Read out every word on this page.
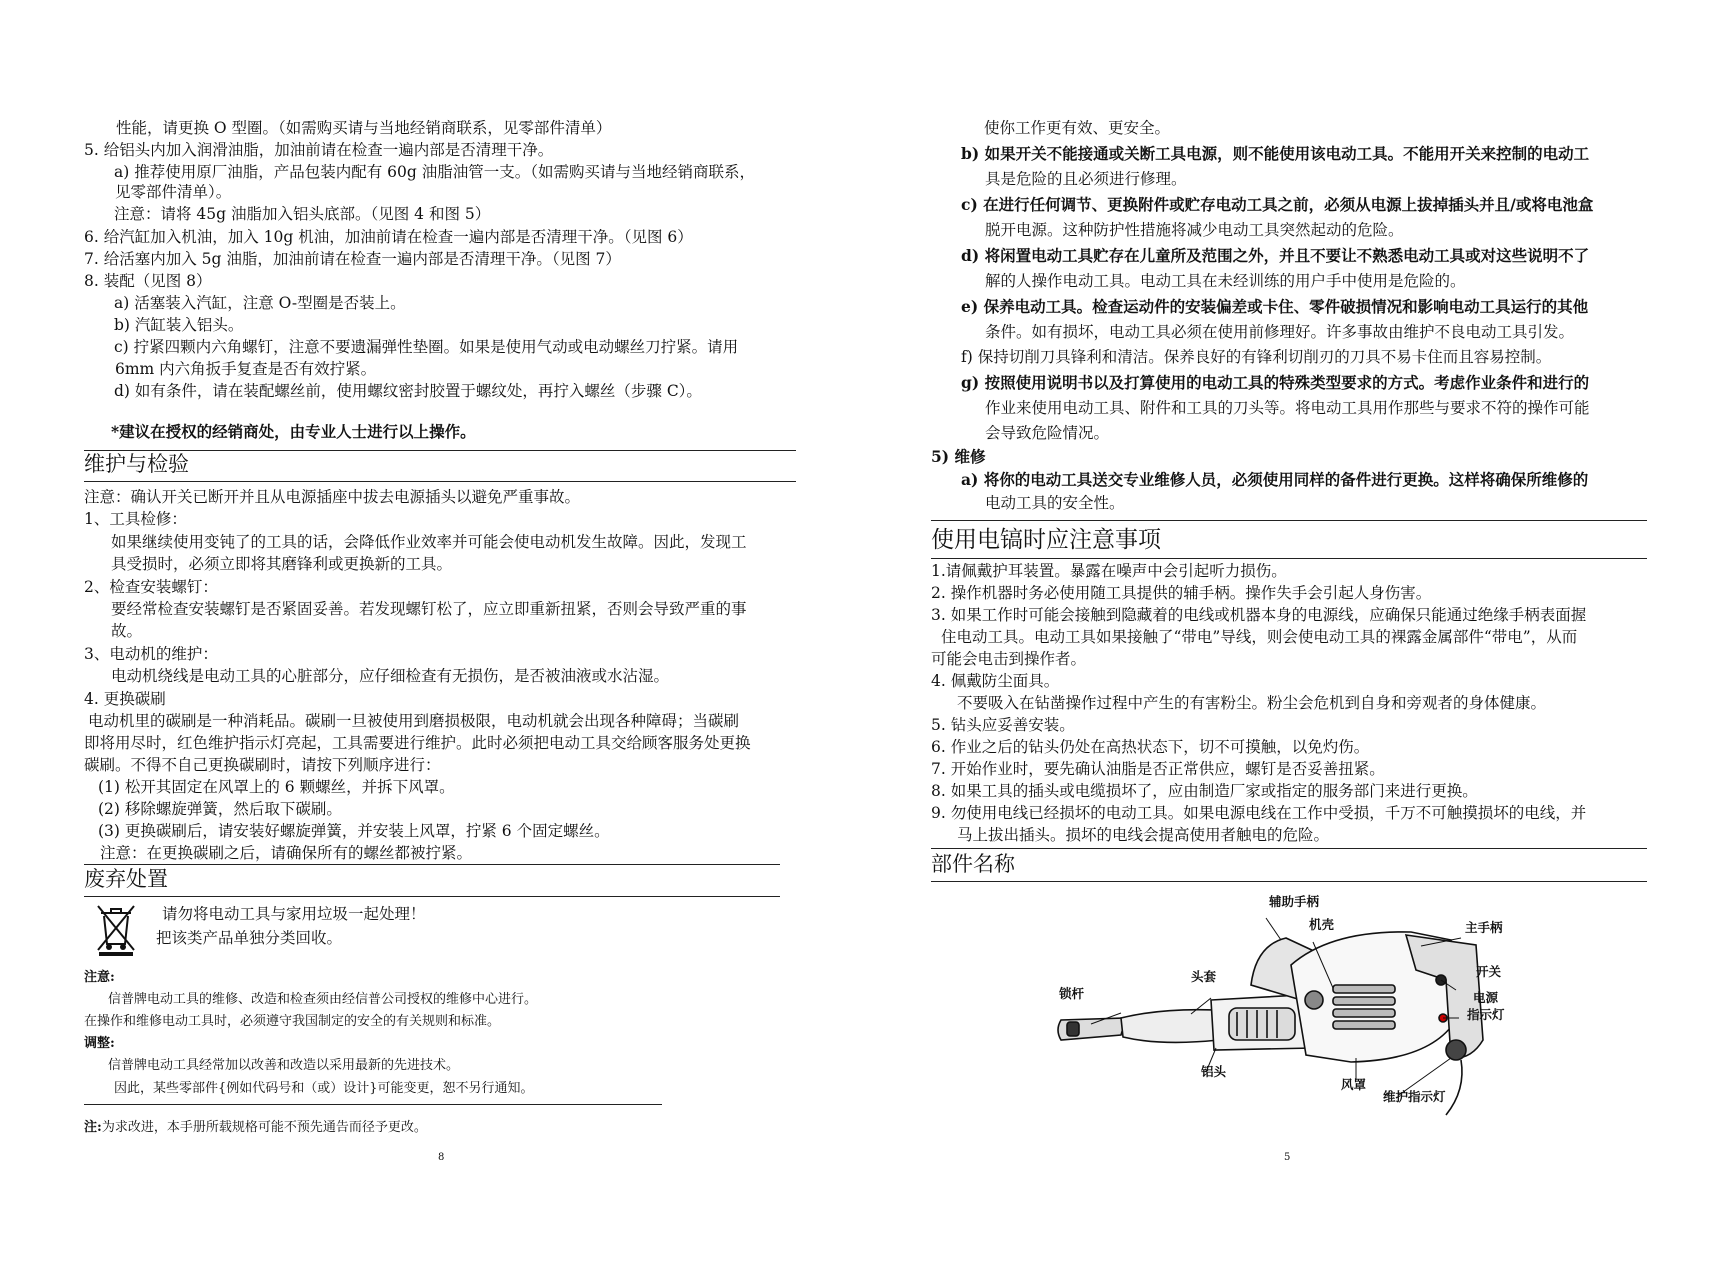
性能，请更换 O 型圈。（如需购买请与当地经销商联系，见零部件清单）
5. 给铝头内加入润滑油脂，加油前请在检查一遍内部是否清理干净。
a) 推荐使用原厂油脂，产品包装内配有 60g 油脂油管一支。（如需购买请与当地经销商联系，
见零部件清单）。
注意：请将 45g 油脂加入铝头底部。（见图 4 和图 5）
6. 给汽缸加入机油，加入 10g 机油，加油前请在检查一遍内部是否清理干净。（见图 6）
7. 给活塞内加入 5g 油脂，加油前请在检查一遍内部是否清理干净。（见图 7）
8. 装配（见图 8）
a) 活塞装入汽缸，注意 O-型圈是否装上。
b) 汽缸装入铝头。
c) 拧紧四颗内六角螺钉，注意不要遗漏弹性垫圈。如果是使用气动或电动螺丝刀拧紧。请用
6mm 内六角扳手复查是否有效拧紧。
d) 如有条件，请在装配螺丝前，使用螺纹密封胶置于螺纹处，再拧入螺丝（步骤 C）。
*建议在授权的经销商处，由专业人士进行以上操作。
维护与检验
注意：确认开关已断开并且从电源插座中拔去电源插头以避免严重事故。
1、工具检修：
如果继续使用变钝了的工具的话，会降低作业效率并可能会使电动机发生故障。因此，发现工
具受损时，必须立即将其磨锋利或更换新的工具。
2、检查安装螺钉：
要经常检查安装螺钉是否紧固妥善。若发现螺钉松了，应立即重新扭紧，否则会导致严重的事
故。
3、电动机的维护：
电动机绕线是电动工具的心脏部分，应仔细检查有无损伤，是否被油液或水沾湿。
4. 更换碳刷
电动机里的碳刷是一种消耗品。碳刷一旦被使用到磨损极限，电动机就会出现各种障碍；当碳刷
即将用尽时，红色维护指示灯亮起，工具需要进行维护。此时必须把电动工具交给顾客服务处更换
碳刷。不得不自己更换碳刷时，请按下列顺序进行：
(1) 松开其固定在风罩上的 6 颗螺丝，并拆下风罩。
(2) 移除螺旋弹簧，然后取下碳刷。
(3) 更换碳刷后，请安装好螺旋弹簧，并安装上风罩，拧紧 6 个固定螺丝。
注意：在更换碳刷之后，请确保所有的螺丝都被拧紧。
废弃处置
请勿将电动工具与家用垃圾一起处理！
把该类产品单独分类回收。
注意:
信普牌电动工具的维修、改造和检查须由经信普公司授权的维修中心进行。
在操作和维修电动工具时，必须遵守我国制定的安全的有关规则和标准。
调整:
信普牌电动工具经常加以改善和改造以采用最新的先进技术。
因此，某些零部件{例如代码号和（或）设计}可能变更，恕不另行通知。
注:为求改进，本手册所载规格可能不预先通告而径予更改。
8
使你工作更有效、更安全。
b) 如果开关不能接通或关断工具电源，则不能使用该电动工具。不能用开关来控制的电动工
具是危险的且必须进行修理。
c) 在进行任何调节、更换附件或贮存电动工具之前，必须从电源上拔掉插头并且/或将电池盒
脱开电源。这种防护性措施将减少电动工具突然起动的危险。
d) 将闲置电动工具贮存在儿童所及范围之外，并且不要让不熟悉电动工具或对这些说明不了
解的人操作电动工具。电动工具在未经训练的用户手中使用是危险的。
e) 保养电动工具。检查运动件的安装偏差或卡住、零件破损情况和影响电动工具运行的其他
条件。如有损坏，电动工具必须在使用前修理好。许多事故由维护不良电动工具引发。
f) 保持切削刀具锋利和清洁。保养良好的有锋利切削刃的刀具不易卡住而且容易控制。
g) 按照使用说明书以及打算使用的电动工具的特殊类型要求的方式。考虑作业条件和进行的
作业来使用电动工具、附件和工具的刀头等。将电动工具用作那些与要求不符的操作可能
会导致危险情况。
5) 维修
a) 将你的电动工具送交专业维修人员，必须使用同样的备件进行更换。这样将确保所维修的
电动工具的安全性。
使用电镐时应注意事项
1.请佩戴护耳装置。暴露在噪声中会引起听力损伤。
2. 操作机器时务必使用随工具提供的辅手柄。操作失手会引起人身伤害。
3. 如果工作时可能会接触到隐藏着的电线或机器本身的电源线，应确保只能通过绝缘手柄表面握
住电动工具。电动工具如果接触了“带电”导线，则会使电动工具的裸露金属部件“带电”，从而
可能会电击到操作者。
4. 佩戴防尘面具。
不要吸入在钻凿操作过程中产生的有害粉尘。粉尘会危机到自身和旁观者的身体健康。
5. 钻头应妥善安装。
6. 作业之后的钻头仍处在高热状态下，切不可摸触，以免灼伤。
7. 开始作业时，要先确认油脂是否正常供应，螺钉是否妥善扭紧。
8. 如果工具的插头或电缆损坏了，应由制造厂家或指定的服务部门来进行更换。
9. 勿使用电线已经损坏的电动工具。如果电源电线在工作中受损，千万不可触摸损坏的电线，并
马上拔出插头。损坏的电线会提高使用者触电的危险。
部件名称
辅助手柄
机壳	主手柄
头套	开关
锁杆	电源
指示灯
铝头
风罩
维护指示灯
5
